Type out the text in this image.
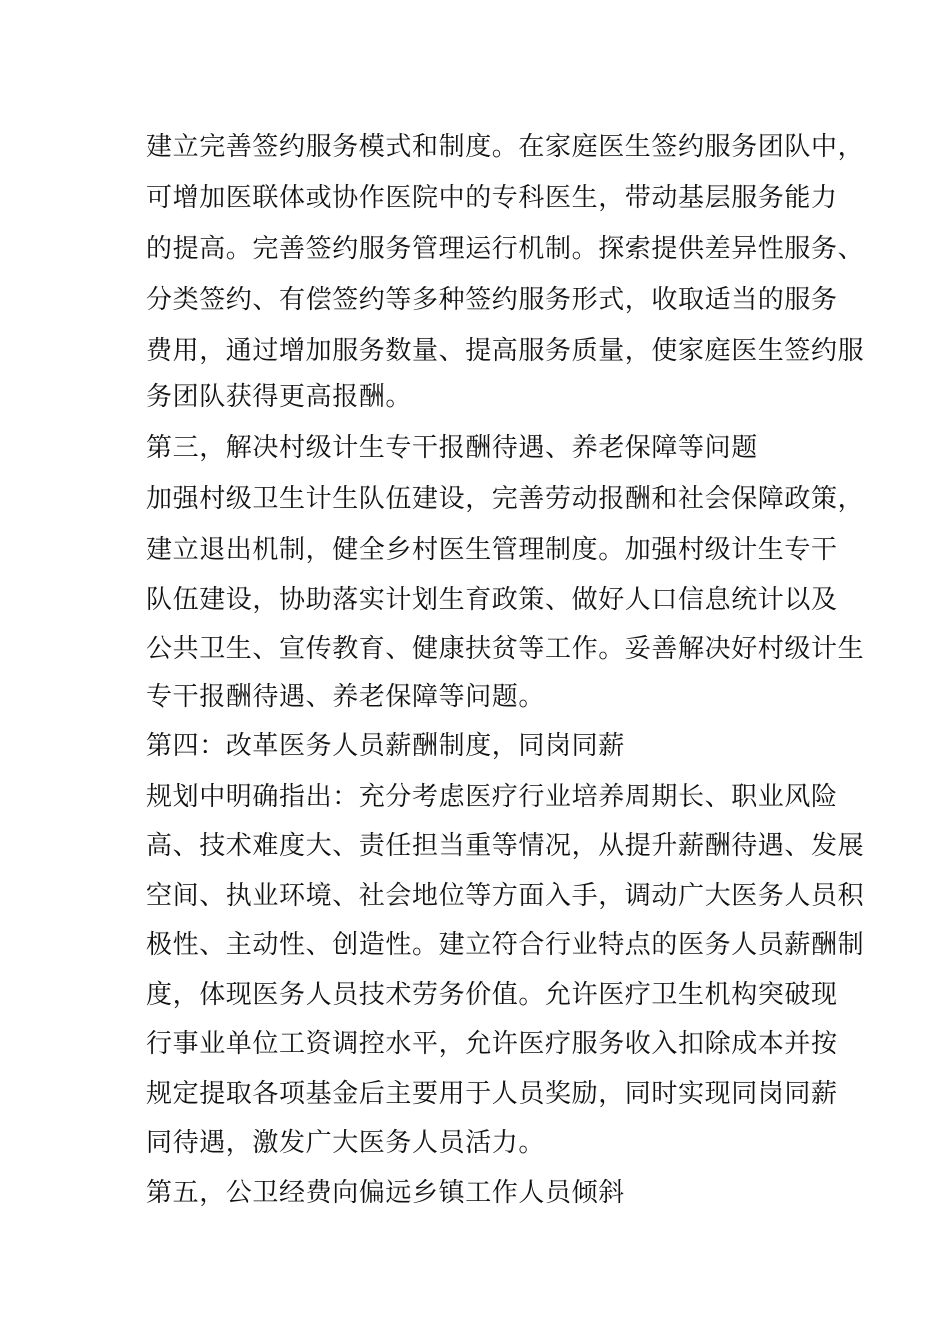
建立完善签约服务模式和制度。在家庭医生签约服务团队中，
可增加医联体或协作医院中的专科医生，带动基层服务能力
的提高。完善签约服务管理运行机制。探索提供差异性服务、
分类签约、有偿签约等多种签约服务形式，收取适当的服务
费用，通过增加服务数量、提高服务质量，使家庭医生签约服
务团队获得更高报酬。
第三，解决村级计生专干报酬待遇、养老保障等问题
加强村级卫生计生队伍建设，完善劳动报酬和社会保障政策，
建立退出机制，健全乡村医生管理制度。加强村级计生专干
队伍建设，协助落实计划生育政策、做好人口信息统计以及
公共卫生、宣传教育、健康扶贫等工作。妥善解决好村级计生
专干报酬待遇、养老保障等问题。
第四：改革医务人员薪酬制度，同岗同薪
规划中明确指出：充分考虑医疗行业培养周期长、职业风险
高、技术难度大、责任担当重等情况，从提升薪酬待遇、发展
空间、执业环境、社会地位等方面入手，调动广大医务人员积
极性、主动性、创造性。建立符合行业特点的医务人员薪酬制
度，体现医务人员技术劳务价值。允许医疗卫生机构突破现
行事业单位工资调控水平，允许医疗服务收入扣除成本并按
规定提取各项基金后主要用于人员奖励，同时实现同岗同薪
同待遇，激发广大医务人员活力。
第五，公卫经费向偏远乡镇工作人员倾斜
